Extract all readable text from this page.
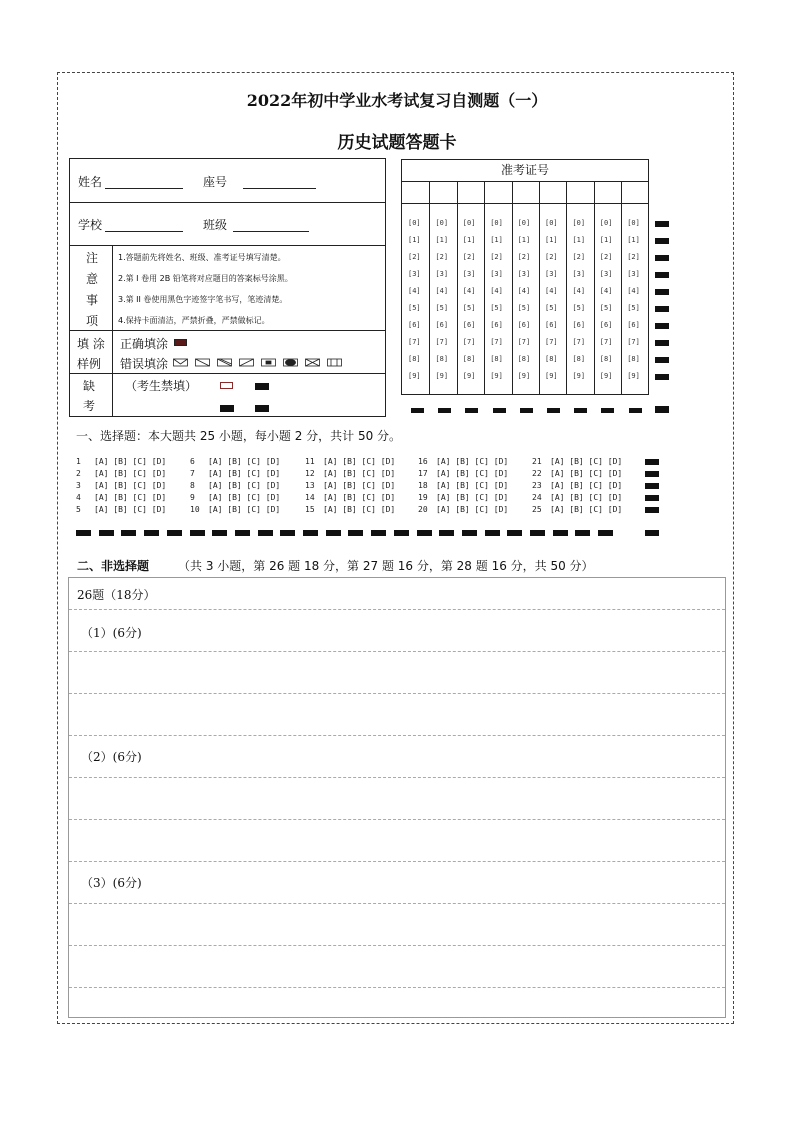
2022年初中学业水考试复习自测题（一）
历史试题答题卡
姓名	座号
学校	班级
注
意
事
项
1.答题前先将姓名、班级、准考证号填写清楚。
2.第 I 卷用 2B 铅笔将对应题目的答案标号涂黑。
3.第 II 卷使用黑色字迹签字笔书写，笔迹清楚。
4.保持卡面清洁，严禁折叠，严禁做标记。
填 涂
样例
正确填涂
错误填涂
缺
考
（考生禁填）
准考证号
[0]
[1]
[2]
[3]
[4]
[5]
[6]
[7]
[8]
[9]
[0]
[1]
[2]
[3]
[4]
[5]
[6]
[7]
[8]
[9]
[0]
[1]
[2]
[3]
[4]
[5]
[6]
[7]
[8]
[9]
[0]
[1]
[2]
[3]
[4]
[5]
[6]
[7]
[8]
[9]
[0]
[1]
[2]
[3]
[4]
[5]
[6]
[7]
[8]
[9]
[0]
[1]
[2]
[3]
[4]
[5]
[6]
[7]
[8]
[9]
[0]
[1]
[2]
[3]
[4]
[5]
[6]
[7]
[8]
[9]
[0]
[1]
[2]
[3]
[4]
[5]
[6]
[7]
[8]
[9]
[0]
[1]
[2]
[3]
[4]
[5]
[6]
[7]
[8]
[9]
一、选择题：本大题共 25 小题，每小题 2 分，共计 50 分。
1 [A] [B] [C] [D]
2 [A] [B] [C] [D]
3 [A] [B] [C] [D]
4 [A] [B] [C] [D]
5 [A] [B] [C] [D]
6 [A] [B] [C] [D]
7 [A] [B] [C] [D]
8 [A] [B] [C] [D]
9 [A] [B] [C] [D]
10 [A] [B] [C] [D]
11 [A] [B] [C] [D]
12 [A] [B] [C] [D]
13 [A] [B] [C] [D]
14 [A] [B] [C] [D]
15 [A] [B] [C] [D]
16 [A] [B] [C] [D]
17 [A] [B] [C] [D]
18 [A] [B] [C] [D]
19 [A] [B] [C] [D]
20 [A] [B] [C] [D]
21 [A] [B] [C] [D]
22 [A] [B] [C] [D]
23 [A] [B] [C] [D]
24 [A] [B] [C] [D]
25 [A] [B] [C] [D]
二、非选择题 （共 3 小题，第 26 题 18 分，第 27 题 16 分，第 28 题 16 分，共 50 分）
26题（18分）
（1）(6分)
（2）(6分)
（3）(6分)
